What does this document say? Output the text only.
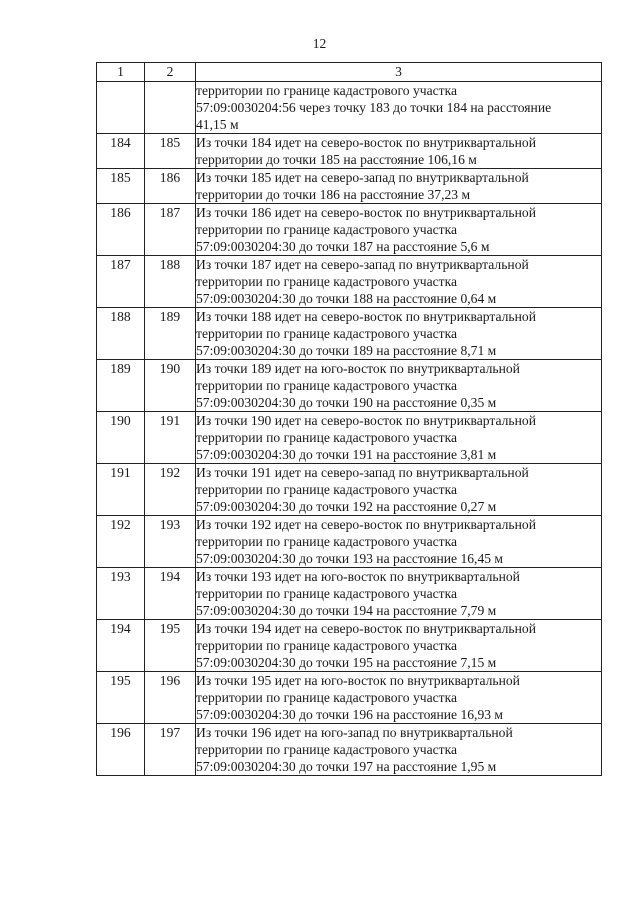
12
1	2	3

		территории по границе кадастрового участка
57:09:0030204:56 через точку 183 до точки 184 на расстояние
41,15 м

184	185	Из точки 184 идет на северо-восток по внутриквартальной
территории до точки 185 на расстояние 106,16 м

185	186	Из точки 185 идет на северо-запад по внутриквартальной
территории до точки 186 на расстояние 37,23 м

186	187	Из точки 186 идет на северо-восток по внутриквартальной
территории по границе кадастрового участка
57:09:0030204:30 до точки 187 на расстояние 5,6 м

187	188	Из точки 187 идет на северо-запад по внутриквартальной
территории по границе кадастрового участка
57:09:0030204:30 до точки 188 на расстояние 0,64 м

188	189	Из точки 188 идет на северо-восток по внутриквартальной
территории по границе кадастрового участка
57:09:0030204:30 до точки 189 на расстояние 8,71 м

189	190	Из точки 189 идет на юго-восток по внутриквартальной
территории по границе кадастрового участка
57:09:0030204:30 до точки 190 на расстояние 0,35 м

190	191	Из точки 190 идет на северо-восток по внутриквартальной
территории по границе кадастрового участка
57:09:0030204:30 до точки 191 на расстояние 3,81 м

191	192	Из точки 191 идет на северо-запад по внутриквартальной
территории по границе кадастрового участка
57:09:0030204:30 до точки 192 на расстояние 0,27 м

192	193	Из точки 192 идет на северо-восток по внутриквартальной
территории по границе кадастрового участка
57:09:0030204:30 до точки 193 на расстояние 16,45 м

193	194	Из точки 193 идет на юго-восток по внутриквартальной
территории по границе кадастрового участка
57:09:0030204:30 до точки 194 на расстояние 7,79 м

194	195	Из точки 194 идет на северо-восток по внутриквартальной
территории по границе кадастрового участка
57:09:0030204:30 до точки 195 на расстояние 7,15 м

195	196	Из точки 195 идет на юго-восток по внутриквартальной
территории по границе кадастрового участка
57:09:0030204:30 до точки 196 на расстояние 16,93 м

196	197	Из точки 196 идет на юго-запад по внутриквартальной
территории по границе кадастрового участка
57:09:0030204:30 до точки 197 на расстояние 1,95 м
